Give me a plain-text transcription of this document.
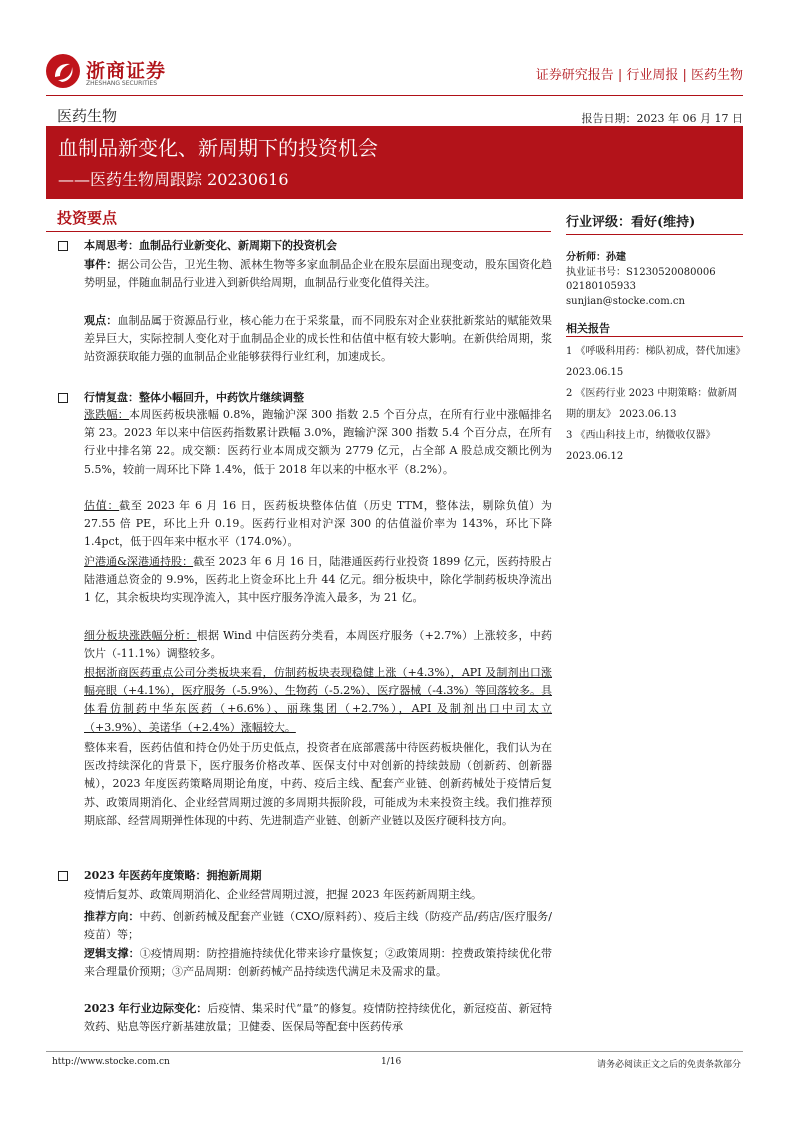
浙商证券
ZHESHANG SECURITIES
证券研究报告 | 行业周报 | 医药生物
医药生物	报告日期：2023 年 06 月 17 日
血制品新变化、新周期下的投资机会
——医药生物周跟踪 20230616
投资要点	行业评级：看好(维持)
分析师：孙建
执业证书号：S1230520080006
02180105933
sunjian@stocke.com.cn
相关报告
1 《呼吸科用药：梯队初成，替代加速》 2023.06.15
2 《医药行业 2023 中期策略：做新周期的朋友》 2023.06.13
3 《西山科技上市，纳微收仅器》 2023.06.12
本周思考：血制品行业新变化、新周期下的投资机会
事件：据公司公告，卫光生物、派林生物等多家血制品企业在股东层面出现变动，股东国资化趋势明显，伴随血制品行业进入到新供给周期，血制品行业变化值得关注。
观点：血制品属于资源品行业，核心能力在于采浆量，而不同股东对企业获批新浆站的赋能效果差异巨大，实际控制人变化对于血制品企业的成长性和估值中枢有较大影响。在新供给周期，浆站资源获取能力强的血制品企业能够获得行业红利，加速成长。
行情复盘：整体小幅回升，中药饮片继续调整
涨跌幅：本周医药板块涨幅 0.8%，跑输沪深 300 指数 2.5 个百分点，在所有行业中涨幅排名第 23。2023 年以来中信医药指数累计跌幅 3.0%，跑输沪深 300 指数 5.4 个百分点，在所有行业中排名第 22。成交额：医药行业本周成交额为 2779 亿元，占全部 A 股总成交额比例为 5.5%，较前一周环比下降 1.4%，低于 2018 年以来的中枢水平（8.2%）。
估值：截至 2023 年 6 月 16 日，医药板块整体估值（历史 TTM，整体法，剔除负值）为 27.55 倍 PE，环比上升 0.19。医药行业相对沪深 300 的估值溢价率为 143%，环比下降 1.4pct，低于四年来中枢水平（174.0%）。
沪港通&深港通持股：截至 2023 年 6 月 16 日，陆港通医药行业投资 1899 亿元，医药持股占陆港通总资金的 9.9%，医药北上资金环比上升 44 亿元。细分板块中，除化学制药板块净流出 1 亿，其余板块均实现净流入，其中医疗服务净流入最多，为 21 亿。
细分板块涨跌幅分析：根据 Wind 中信医药分类看，本周医疗服务（+2.7%）上涨较多，中药饮片（-11.1%）调整较多。
根据浙商医药重点公司分类板块来看，仿制药板块表现稳健上涨（+4.3%），API 及制剂出口涨幅亮眼（+4.1%），医疗服务（-5.9%）、生物药（-5.2%）、医疗器械（-4.3%）等回落较多。具体看仿制药中华东医药（+6.6%）、丽珠集团（+2.7%），API 及制剂出口中司太立（+3.9%）、美诺华（+2.4%）涨幅较大。
整体来看，医药估值和持仓仍处于历史低点，投资者在底部震荡中待医药板块催化，我们认为在医改持续深化的背景下，医疗服务价格改革、医保支付中对创新的持续鼓励（创新药、创新器械），2023 年度医药策略周期论角度，中药、疫后主线、配套产业链、创新药械处于疫情后复苏、政策周期消化、企业经营周期过渡的多周期共振阶段，可能成为未来投资主线。我们推荐预期底部、经营周期弹性体现的中药、先进制造产业链、创新产业链以及医疗硬科技方向。
2023 年医药年度策略：拥抱新周期
疫情后复苏、政策周期消化、企业经营周期过渡，把握 2023 年医药新周期主线。
推荐方向：中药、创新药械及配套产业链（CXO/原料药）、疫后主线（防疫产品/药店/医疗服务/疫苗）等；
逻辑支撑：①疫情周期：防控措施持续优化带来诊疗量恢复；②政策周期：控费政策持续优化带来合理量价预期；③产品周期：创新药械产品持续迭代满足未及需求的量。
2023 年行业边际变化：后疫情、集采时代“量”的修复。疫情防控持续优化，新冠疫苗、新冠特效药、贴息等医疗新基建放量；卫健委、医保局等配套中医药传承
http://www.stocke.com.cn	1/16	请务必阅读正文之后的免责条款部分
